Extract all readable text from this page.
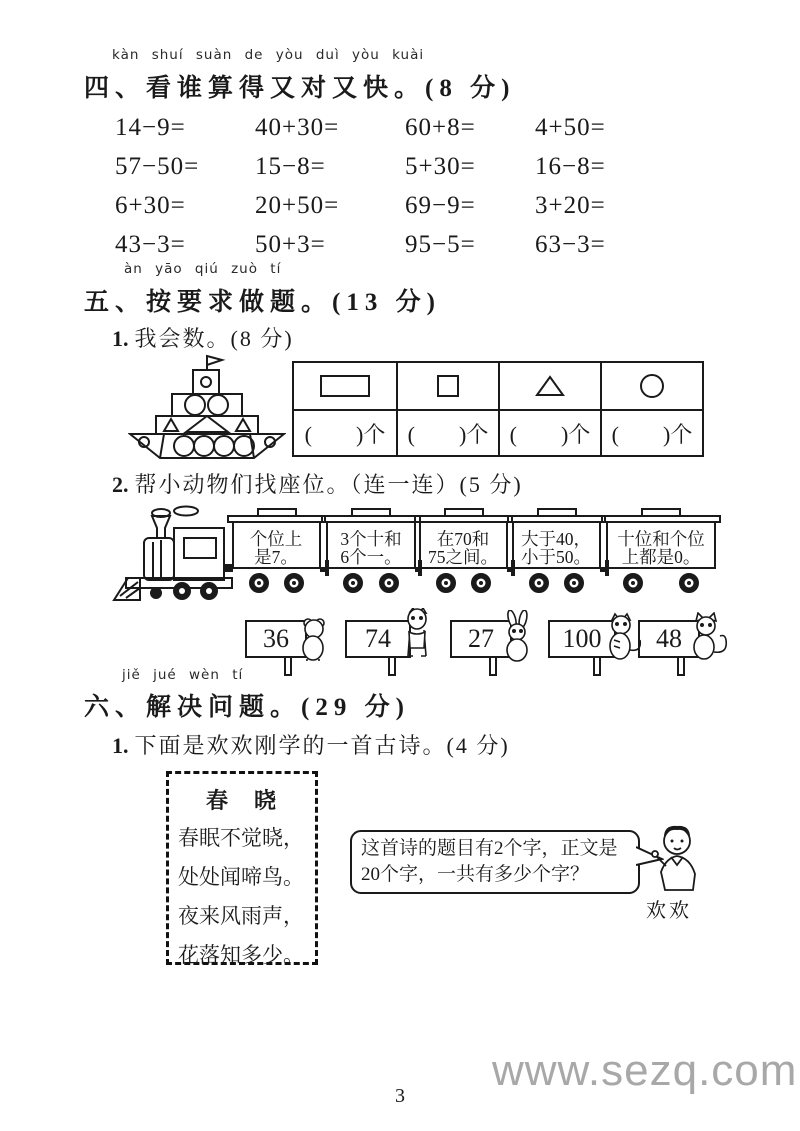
kàn shuí suàn de yòu duì yòu kuài
四、看谁算得又对又快。(8 分)
14−9=	40+30=	60+8=	4+50=
57−50=	15−8=	5+30=	16−8=
6+30=	20+50=	69−9=	3+20=
43−3=	50+3=	95−5=	63−3=
àn yāo qiú zuò tí
五、按要求做题。(13 分)
1. 我会数。(8 分)
(        )个	(        )个 (        )个 (        )个
2. 帮小动物们找座位。（连一连）(5 分)
个位上
是7。
3个十和
6个一。
在70和
75之间。
大于40，
小于50。
十位和个位
上都是0。
36	74	27	100	48
jiě jué wèn tí
六、解决问题。(29 分)
1. 下面是欢欢刚学的一首古诗。(4 分)
春　晓
春眠不觉晓，
处处闻啼鸟。
夜来风雨声，
花落知多少。
这首诗的题目有2个字，正文是
20个字，一共有多少个字？
欢欢
www.sezq.com
3
